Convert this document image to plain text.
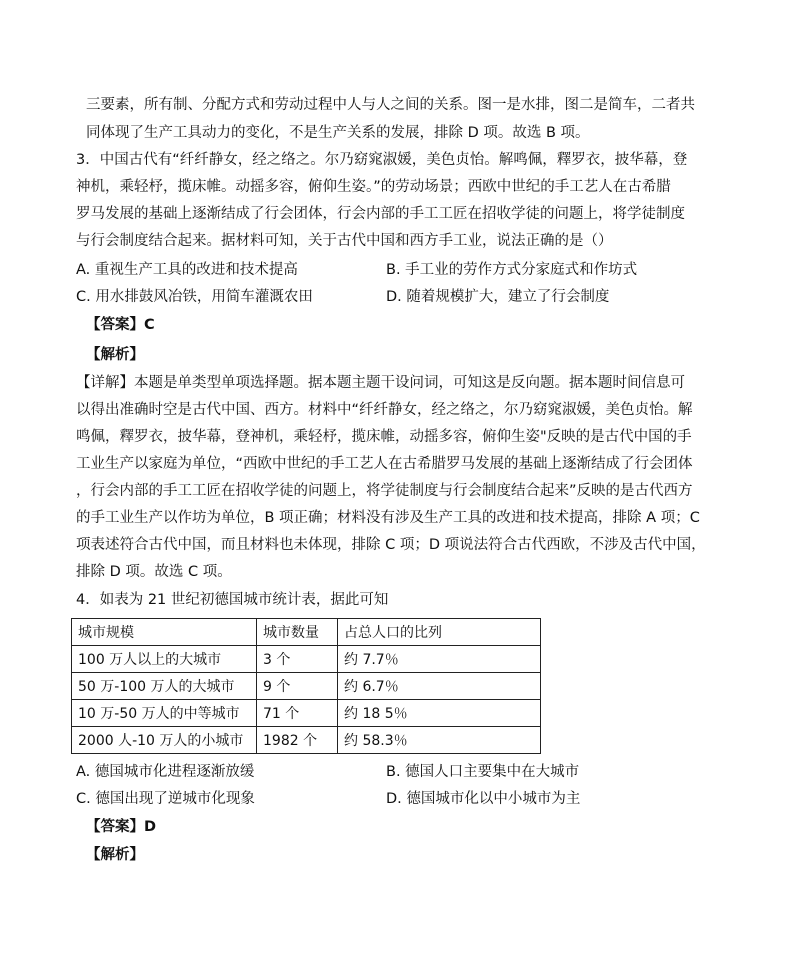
三要素，所有制、分配方式和劳动过程中人与人之间的关系。图一是水排，图二是简车，二者共
同体现了生产工具动力的变化，不是生产关系的发展，排除 D 项。故选 B 项。
3．中国古代有“纤纤静女，经之络之。尔乃窈窕淑媛，美色贞怡。解鸣佩，釋罗衣，披华幕，登
神机，乘轻杼，揽床帷。动摇多容，俯仰生姿。”的劳动场景；西欧中世纪的手工艺人在古希腊
罗马发展的基础上逐渐结成了行会团体，行会内部的手工工匠在招收学徒的问题上，将学徒制度
与行会制度结合起来。据材料可知，关于古代中国和西方手工业，说法正确的是（）
A. 重视生产工具的改进和技术提高	B. 手工业的劳作方式分家庭式和作坊式
C. 用水排鼓风冶铁，用简车灌溉农田	D. 随着规模扩大，建立了行会制度
【答案】C
【解析】
【详解】本题是单类型单项选择题。据本题主题干设问词，可知这是反向题。据本题时间信息可
以得出准确时空是古代中国、西方。材料中“纤纤静女，经之络之，尔乃窈窕淑媛，美色贞怡。解
鸣佩，釋罗衣，披华幕，登神机，乘轻杼，揽床帷，动摇多容，俯仰生姿"反映的是古代中国的手
工业生产以家庭为单位，“西欧中世纪的手工艺人在古希腊罗马发展的基础上逐渐结成了行会团体
，行会内部的手工工匠在招收学徒的问题上，将学徒制度与行会制度结合起来”反映的是古代西方
的手工业生产以作坊为单位，B 项正确；材料没有涉及生产工具的改进和技术提高，排除 A 项；C
项表述符合古代中国，而且材料也未体现，排除 C 项；D 项说法符合古代西欧，不涉及古代中国，
排除 D 项。故选 C 项。
4．如表为 21 世纪初德国城市统计表，据此可知
城市规模	城市数量	占总人口的比列
100 万人以上的大城市	3 个	约 7.7％
50 万-100 万人的大城市	9 个	约 6.7％
10 万-50 万人的中等城市	71 个	约 18 5％
2000 人-10 万人的小城市	1982 个	约 58.3％
A. 德国城市化进程逐渐放缓	B. 德国人口主要集中在大城市
C. 德国出现了逆城市化现象	D. 德国城市化以中小城市为主
【答案】D
【解析】
